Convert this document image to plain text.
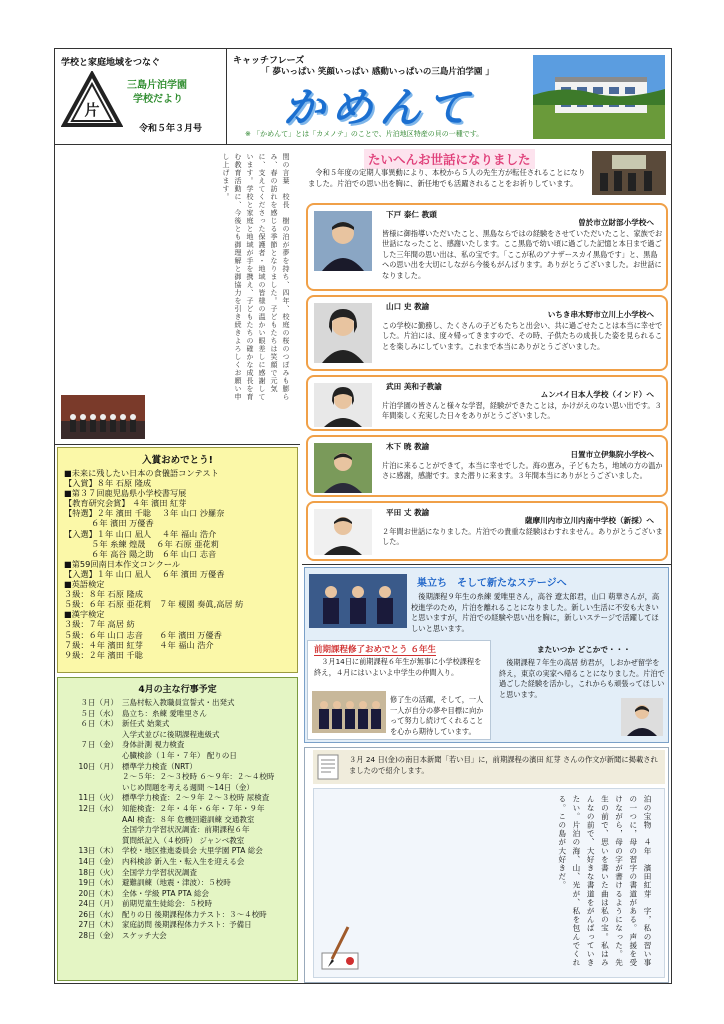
学校と家庭地域をつなぐ
片
三島片泊学園
学校だより
令和５年３月号
キャッチフレーズ
「 夢いっぱい 笑顔いっぱい 感動いっぱいの三島片泊学園 」
かめんて
※ 「かめんて」とは「カメノテ」のことで、片泊地区特産の貝の一種です。
閏の言葉　校長　樹の泊が夢を持ち、四年、校庭の桜のつぼみも膨らみ、春の訪れを感じる季節となりました。子どもたちは笑顔で元気に、支えてくださった保護者・地域の皆様の温かい眼差しに感謝しています。学校と家庭と地域が手を携え、子どもたちの確かな成長を育む教育活動に、今後とも御理解と御協力を引き続きよろしくお願い申し上げます。
入賞おめでとう!
■未来に残したい日本の食儀語コンテスト
【入賞】８年 石原 隆成
■第３７回鹿児島県小学校書写展
【教育研究会賞】 ４年 濱田 紅芽
【特選】２年 濱田 千聡　 ３年 山口 沙羅奈
　　　 ６年 濱田 万優香
【入選】１年 山口 凪人　 ４年 福山 浩介
　　　 ５年 糸練 煌晟　 ６年 石原 亜花莉
　　　 ６年 高谷 陽之助　６年 山口 志音
■第59回南日本作文コンクール
【入選】１年 山口 凪人　 ６年 濱田 万優香
■英語検定
３級：８年 石原 隆成
５級：６年 石原 亜花莉　７年 榎園 奏眞,高居 紡
■漢字検定
３級：７年 高居 紡
５級：６年 山口 志音　　６年 濱田 万優香
７級：４年 濱田 紅芽　　４年 福山 浩介
９級：２年 濱田 千聡
4月の主な行事予定
３日（月） 三島村転入教職員宣誓式・出発式
５日（水） 島立ち：糸練 愛唯里さん
６日（木） 新任式 始業式
入学式並びに後期課程進級式
７日（金） 身体計測 視力検査
心臓検診（１年・７年） 配りの日
10日（月） 標準学力検査（NRT）
２〜５年：２〜３校時 ６〜９年：２〜４校時
いじめ問題を考える週間 〜14日（金）
11日（火） 標準学力検査：２〜９年 ２〜３校時 尿検査
12日（水） 知能検査：２年・４年・６年・７年・９年
AAI 検査：８年 危機回避訓練 交通教室
全国学力学習状況調査：前期課程６年
質問紙記入（４校時） ジャンベ教室
13日（木） 学校・地区推進委員会 大里学園 PTA 総会
14日（金） 内科検診 新入生・転入生を迎える会
18日（火） 全国学力学習状況調査
19日（水） 避難訓練（地震・津波）：５校時
20日（木） 全体・学級 PTA PTA 総会
24日（月） 前期児童生徒総会：５校時
26日（水） 配りの日 後期課程体力テスト：３〜４校時
27日（木） 家庭訪問 後期課程体力テスト：予備日
28日（金） スケッチ大会
たいへんお世話になりました
　令和５年度の定期人事異動により、本校から５人の先生方が転任されることになりました。片泊での思い出を胸に、新任地でも活躍されることをお祈りしています。
下戸 泰仁 教頭
曽於市立財部小学校へ
皆様に御指導いただいたこと、黒島ならではの経験をさせていただいたこと、家族でお世話になったこと、感謝いたします。ここ黒島で幼い頃に過ごした記憶と本日まで過ごした三年間の思い出は、私の宝です。「ここが私のアナザースカイ黒島です」と、黒島への思い出を大切にしながら今後もがんばります。ありがとうございました。お世話になりました。
山口 史 教諭
いちき串木野市立川上小学校へ
この学校に勤務し、たくさんの子どもたちと出会い、共に過ごせたことは本当に幸せでした。片泊には、度々帰ってきますので、その時、子供たちの成長した姿を見られることを楽しみにしています。これまで本当にありがとうございました。
武田 美和子教諭
ムンバイ日本人学校（インド）へ
片泊学園の皆さんと様々な学習，経験ができたことは，かけがえのない思い出です。３年間楽しく充実した日々をありがとうございました。
木下 暁 教諭
日置市立伊集院小学校へ
片泊に来ることができて，本当に幸せでした。海の恵み，子どもたち，地域の方の温かさに感謝，感謝です。また潜りに来ます。３年間本当にありがとうございました。
平田 丈 教諭
薩摩川内市立川内南中学校（新採）へ
２年間お世話になりました。片泊での貴重な経験はわすれません。ありがとうございました。
巣立ち　そして新たなステージへ
　後期課程９年生の糸練 愛唯里さん，高谷 遼太郎君，山口 萌華さんが，高校進学のため，片泊を離れることになりました。新しい生活に不安も大きいと思いますが，片泊での経験や思い出を胸に，新しいステージで活躍してほしいと思います。
前期課程修了おめでとう ６年生
　３月14日に前期課程６年生が無事に小学校課程を終え，４月にはいよいよ中学生の仲間入り。
修了生の活躍，そして，一人一人が自分の夢や目標に向かって努力し続けてくれることを心から期待しています。
またいつか どこかで・・・
　後期課程７年生の高居 紡君が，しおかぜ留学を終え，東京の実家へ帰ることになりました。片泊で過ごした経験を活かし，これからも頑張ってほしいと思います。
３月 24 日(金)の南日本新聞「若い目」に，前期課程の濱田 紅芽 さんの作文が新聞に掲載されましたので紹介します。
泊の宝物　４年　濱田紅芽　字，私の習い事の一つに，母の習字の書道がある。声援を受けながら，母の字が書けるようになった。先生の前で、思いを書いた曲は私の宝。私はみんなの前で、大好きな書道をがんばっていきたい。片泊の海、山、光が、私を包んでくれる。この島が大好きだ。
